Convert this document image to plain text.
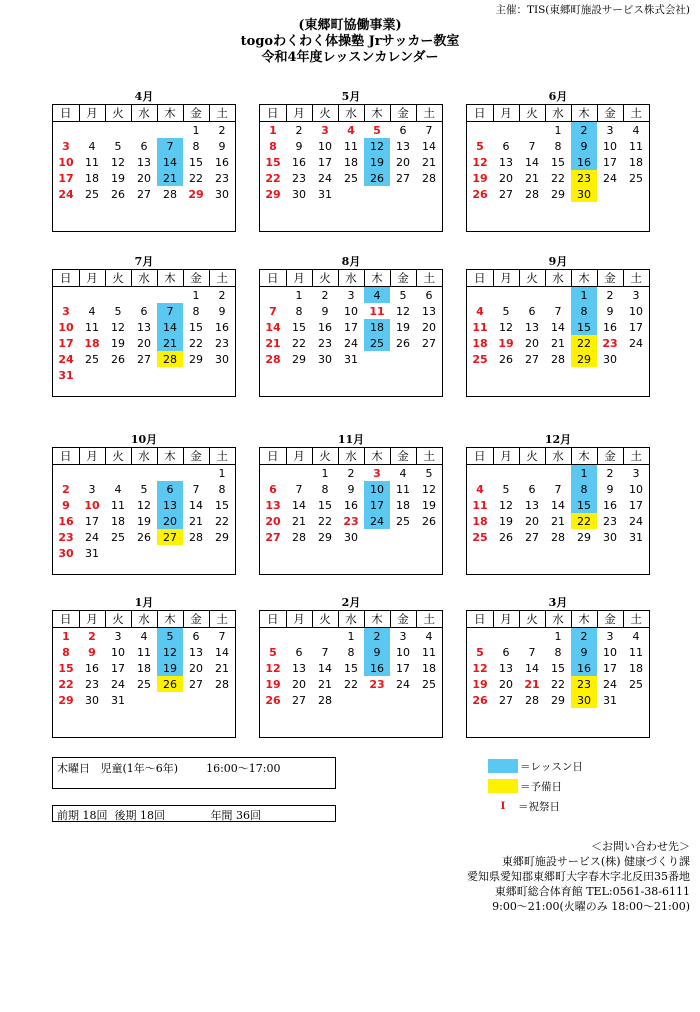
主催：TIS(東郷町施設サービス株式会社)
(東郷町協働事業)
togoわくわく体操塾 Jrサッカー教室
令和4年度レッスンカレンダー
4月
日	月	火	水	木	金	土
					1	2
3	4	5	6	7	8	9
10	11	12	13	14	15	16
17	18	19	20	21	22	23
24	25	26	27	28	29	30
5月
日	月	火	水	木	金	土
1	2	3	4	5	6	7
8	9	10	11	12	13	14
15	16	17	18	19	20	21
22	23	24	25	26	27	28
29	30	31				
6月
日	月	火	水	木	金	土
			1	2	3	4
5	6	7	8	9	10	11
12	13	14	15	16	17	18
19	20	21	22	23	24	25
26	27	28	29	30		
7月
日	月	火	水	木	金	土
					1	2
3	4	5	6	7	8	9
10	11	12	13	14	15	16
17	18	19	20	21	22	23
24	25	26	27	28	29	30
31						
8月
日	月	火	水	木	金	土
	1	2	3	4	5	6
7	8	9	10	11	12	13
14	15	16	17	18	19	20
21	22	23	24	25	26	27
28	29	30	31			
9月
日	月	火	水	木	金	土
				1	2	3
4	5	6	7	8	9	10
11	12	13	14	15	16	17
18	19	20	21	22	23	24
25	26	27	28	29	30	
10月
日	月	火	水	木	金	土
						1
2	3	4	5	6	7	8
9	10	11	12	13	14	15
16	17	18	19	20	21	22
23	24	25	26	27	28	29
30	31					
11月
日	月	火	水	木	金	土
		1	2	3	4	5
6	7	8	9	10	11	12
13	14	15	16	17	18	19
20	21	22	23	24	25	26
27	28	29	30			
12月
日	月	火	水	木	金	土
				1	2	3
4	5	6	7	8	9	10
11	12	13	14	15	16	17
18	19	20	21	22	23	24
25	26	27	28	29	30	31
1月
日	月	火	水	木	金	土
1	2	3	4	5	6	7
8	9	10	11	12	13	14
15	16	17	18	19	20	21
22	23	24	25	26	27	28
29	30	31				
2月
日	月	火	水	木	金	土
			1	2	3	4
5	6	7	8	9	10	11
12	13	14	15	16	17	18
19	20	21	22	23	24	25
26	27	28				
3月
日	月	火	水	木	金	土
			1	2	3	4
5	6	7	8	9	10	11
12	13	14	15	16	17	18
19	20	21	22	23	24	25
26	27	28	29	30	31	
木曜日 児童(1年～6年)	16:00～17:00
前期 18回 後期 18回	年間 36回
＝レッスン日
＝予備日
I	＝祝祭日
＜お問い合わせ先＞
東郷町施設サービス(株) 健康づくり課
愛知県愛知郡東郷町大字春木字北反田35番地
東郷町総合体育館 TEL:0561-38-6111
9:00～21:00(火曜のみ 18:00～21:00)
